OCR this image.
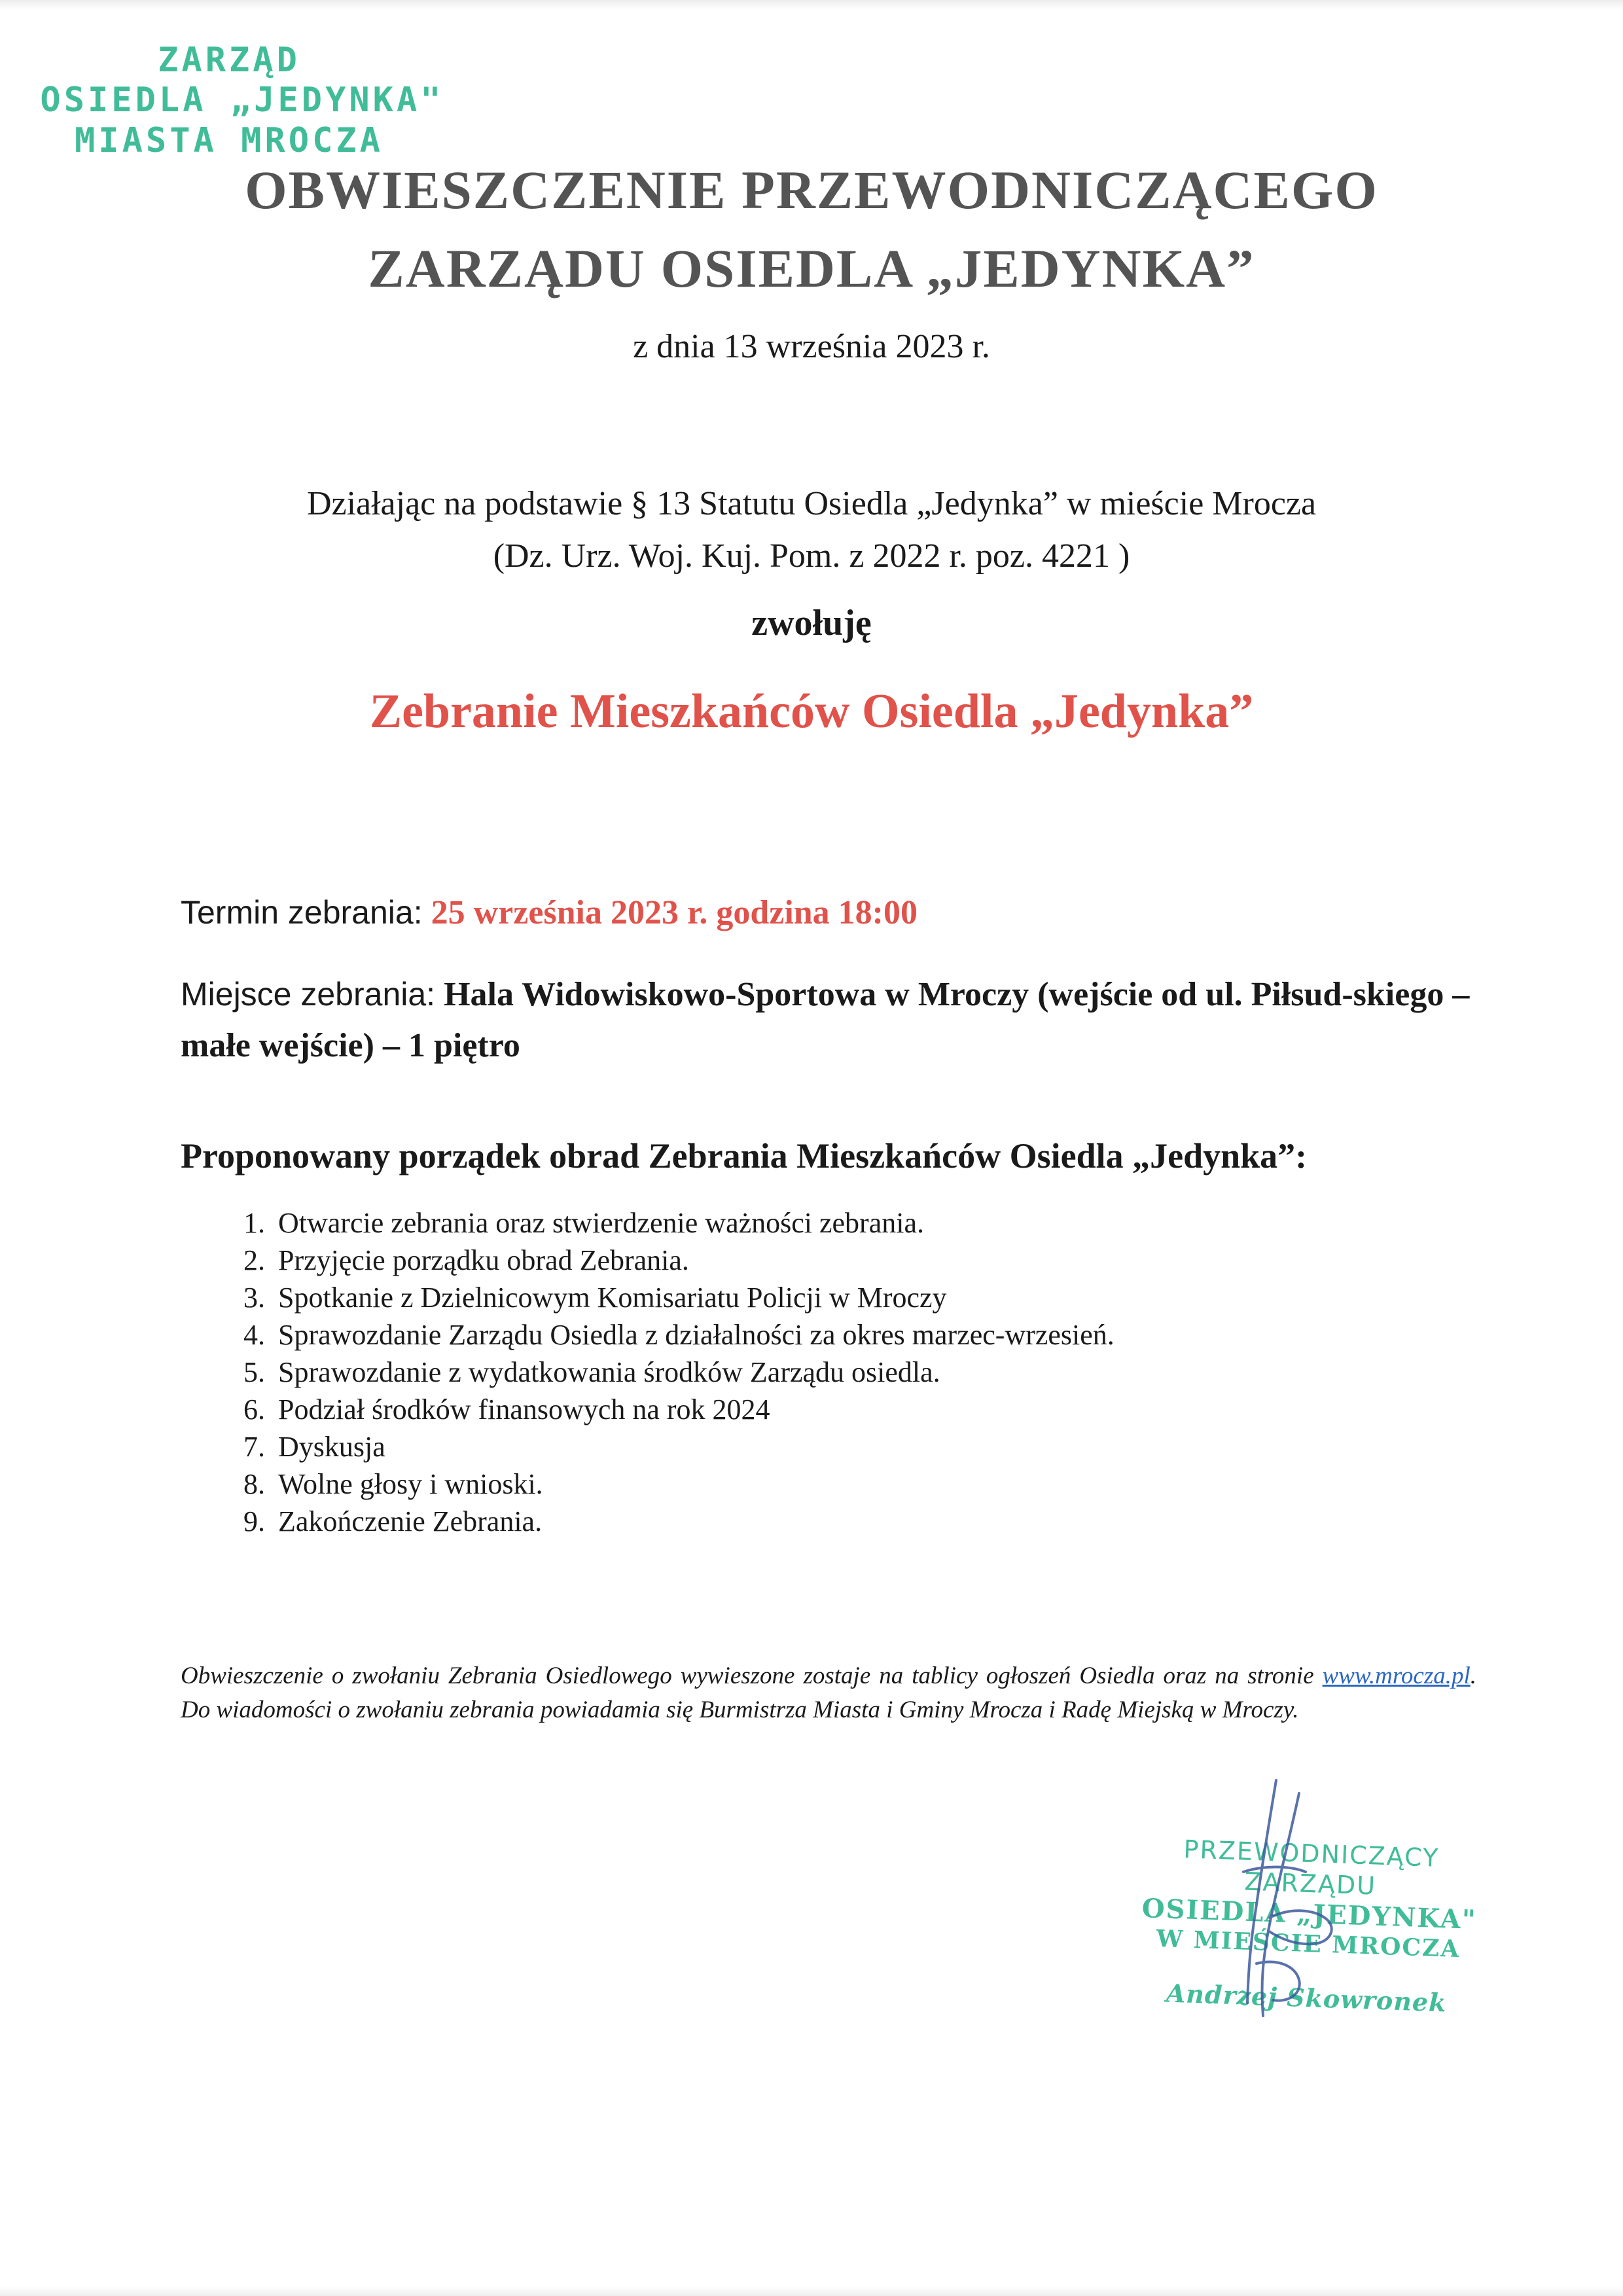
ZARZĄD
OSIEDLA „JEDYNKA"
MIASTA MROCZA
OBWIESZCZENIE PRZEWODNICZĄCEGO
ZARZĄDU OSIEDLA „JEDYNKA”
z dnia 13 września 2023 r.
Działając na podstawie § 13 Statutu Osiedla „Jedynka” w mieście Mrocza
(Dz. Urz. Woj. Kuj. Pom. z 2022 r. poz. 4221 )
zwołuję
Zebranie Mieszkańców Osiedla „Jedynka”
Termin zebrania: 25 września 2023 r. godzina 18:00
Miejsce zebrania: Hala Widowiskowo-Sportowa w Mroczy (wejście od ul. Piłsud-skiego – małe wejście) – 1 piętro
Proponowany porządek obrad Zebrania Mieszkańców Osiedla „Jedynka”:
1. Otwarcie zebrania oraz stwierdzenie ważności zebrania.
2. Przyjęcie porządku obrad Zebrania.
3. Spotkanie z Dzielnicowym Komisariatu Policji w Mroczy
4. Sprawozdanie Zarządu Osiedla z działalności za okres marzec-wrzesień.
5. Sprawozdanie z wydatkowania środków Zarządu osiedla.
6. Podział środków finansowych na rok 2024
7. Dyskusja
8. Wolne głosy i wnioski.
9. Zakończenie Zebrania.
Obwieszczenie o zwołaniu Zebrania Osiedlowego wywieszone zostaje na tablicy ogłoszeń Osiedla oraz na stronie www.mrocza.pl. Do wiadomości o zwołaniu zebrania powiadamia się Burmistrza Miasta i Gminy Mrocza i Radę Miejską w Mroczy.
PRZEWODNICZĄCY ZARZĄDU
OSIEDLA „JEDYNKA"
W MIEŚCIE MROCZA
Andrzej Skowronek
